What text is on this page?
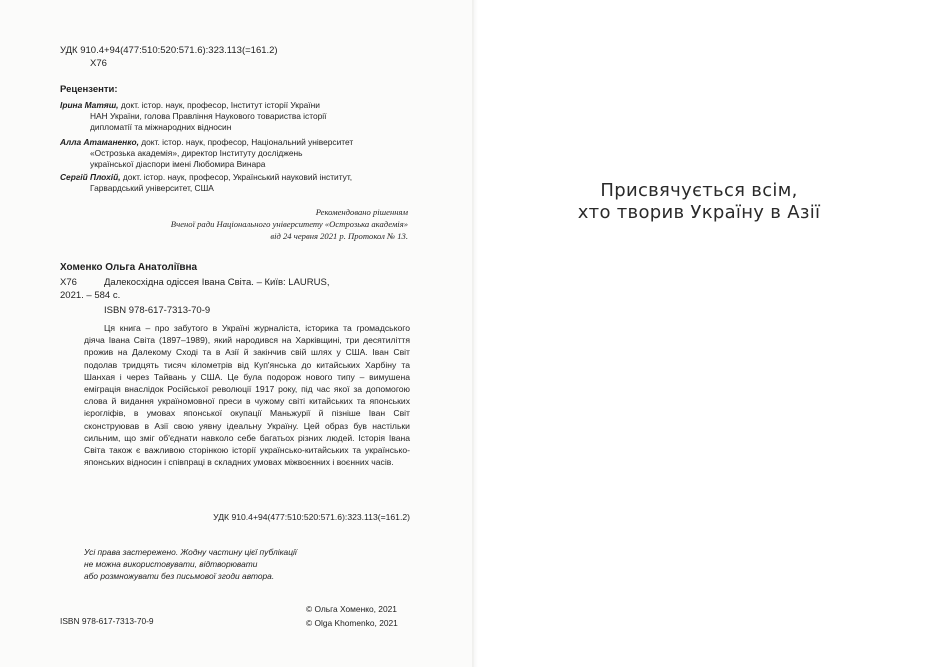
УДК 910.4+94(477:510:520:571.6):323.113(=161.2)
Х76
Рецензенти:
Ірина Матяш, докт. істор. наук, професор, Інститут історії України
НАН України, голова Правління Наукового товариства історії
дипломатії та міжнародних відносин
Алла Атаманенко, докт. істор. наук, професор, Національний університет
«Острозька академія», директор Інституту досліджень
української діаспори імені Любомира Винара
Сергій Плохій, докт. істор. наук, професор, Український науковий інститут,
Гарвардський університет, США
Рекомендовано рішенням
Вченої ради Національного університету «Острозька академія»
від 24 червня 2021 р. Протокол № 13.
Хоменко Ольга Анатоліївна
Х76	Далекосхідна одіссея Івана Світа. – Київ: LAURUS,
2021. – 584 с.
ISBN 978-617-7313-70-9
Ця книга – про забутого в Україні журналіста, історика та громадського діяча Івана Світа (1897–1989), який народився на Харківщині, три десятиліття прожив на Далекому Сході та в Азії й закінчив свій шлях у США. Іван Світ подолав тридцять тисяч кілометрів від Куп'янська до китайських Харбіну та Шанхая і через Тайвань у США. Це була подорож нового типу – вимушена еміграція внаслідок Російської революції 1917 року, під час якої за допомогою слова й видання україномовної преси в чужому світі китайських та японських ієрогліфів, в умовах японської окупації Маньжурії й пізніше Іван Світ сконструював в Азії свою уявну ідеальну Україну. Цей образ був настільки сильним, що зміг об'єднати навколо себе багатьох різних людей. Історія Івана Світа також є важливою сторінкою історії українсько-китайських та українсько-японських відносин і співпраці в складних умовах міжвоєнних і воєнних часів.
УДК 910.4+94(477:510:520:571.6):323.113(=161.2)
Усі права застережено. Жодну частину цієї публікації
не можна використовувати, відтворювати
або розмножувати без письмової згоди автора.
ISBN 978-617-7313-70-9
© Ольга Хоменко, 2021
© Olga Khomenko, 2021
Присвячується всім,
хто творив Україну в Азії
